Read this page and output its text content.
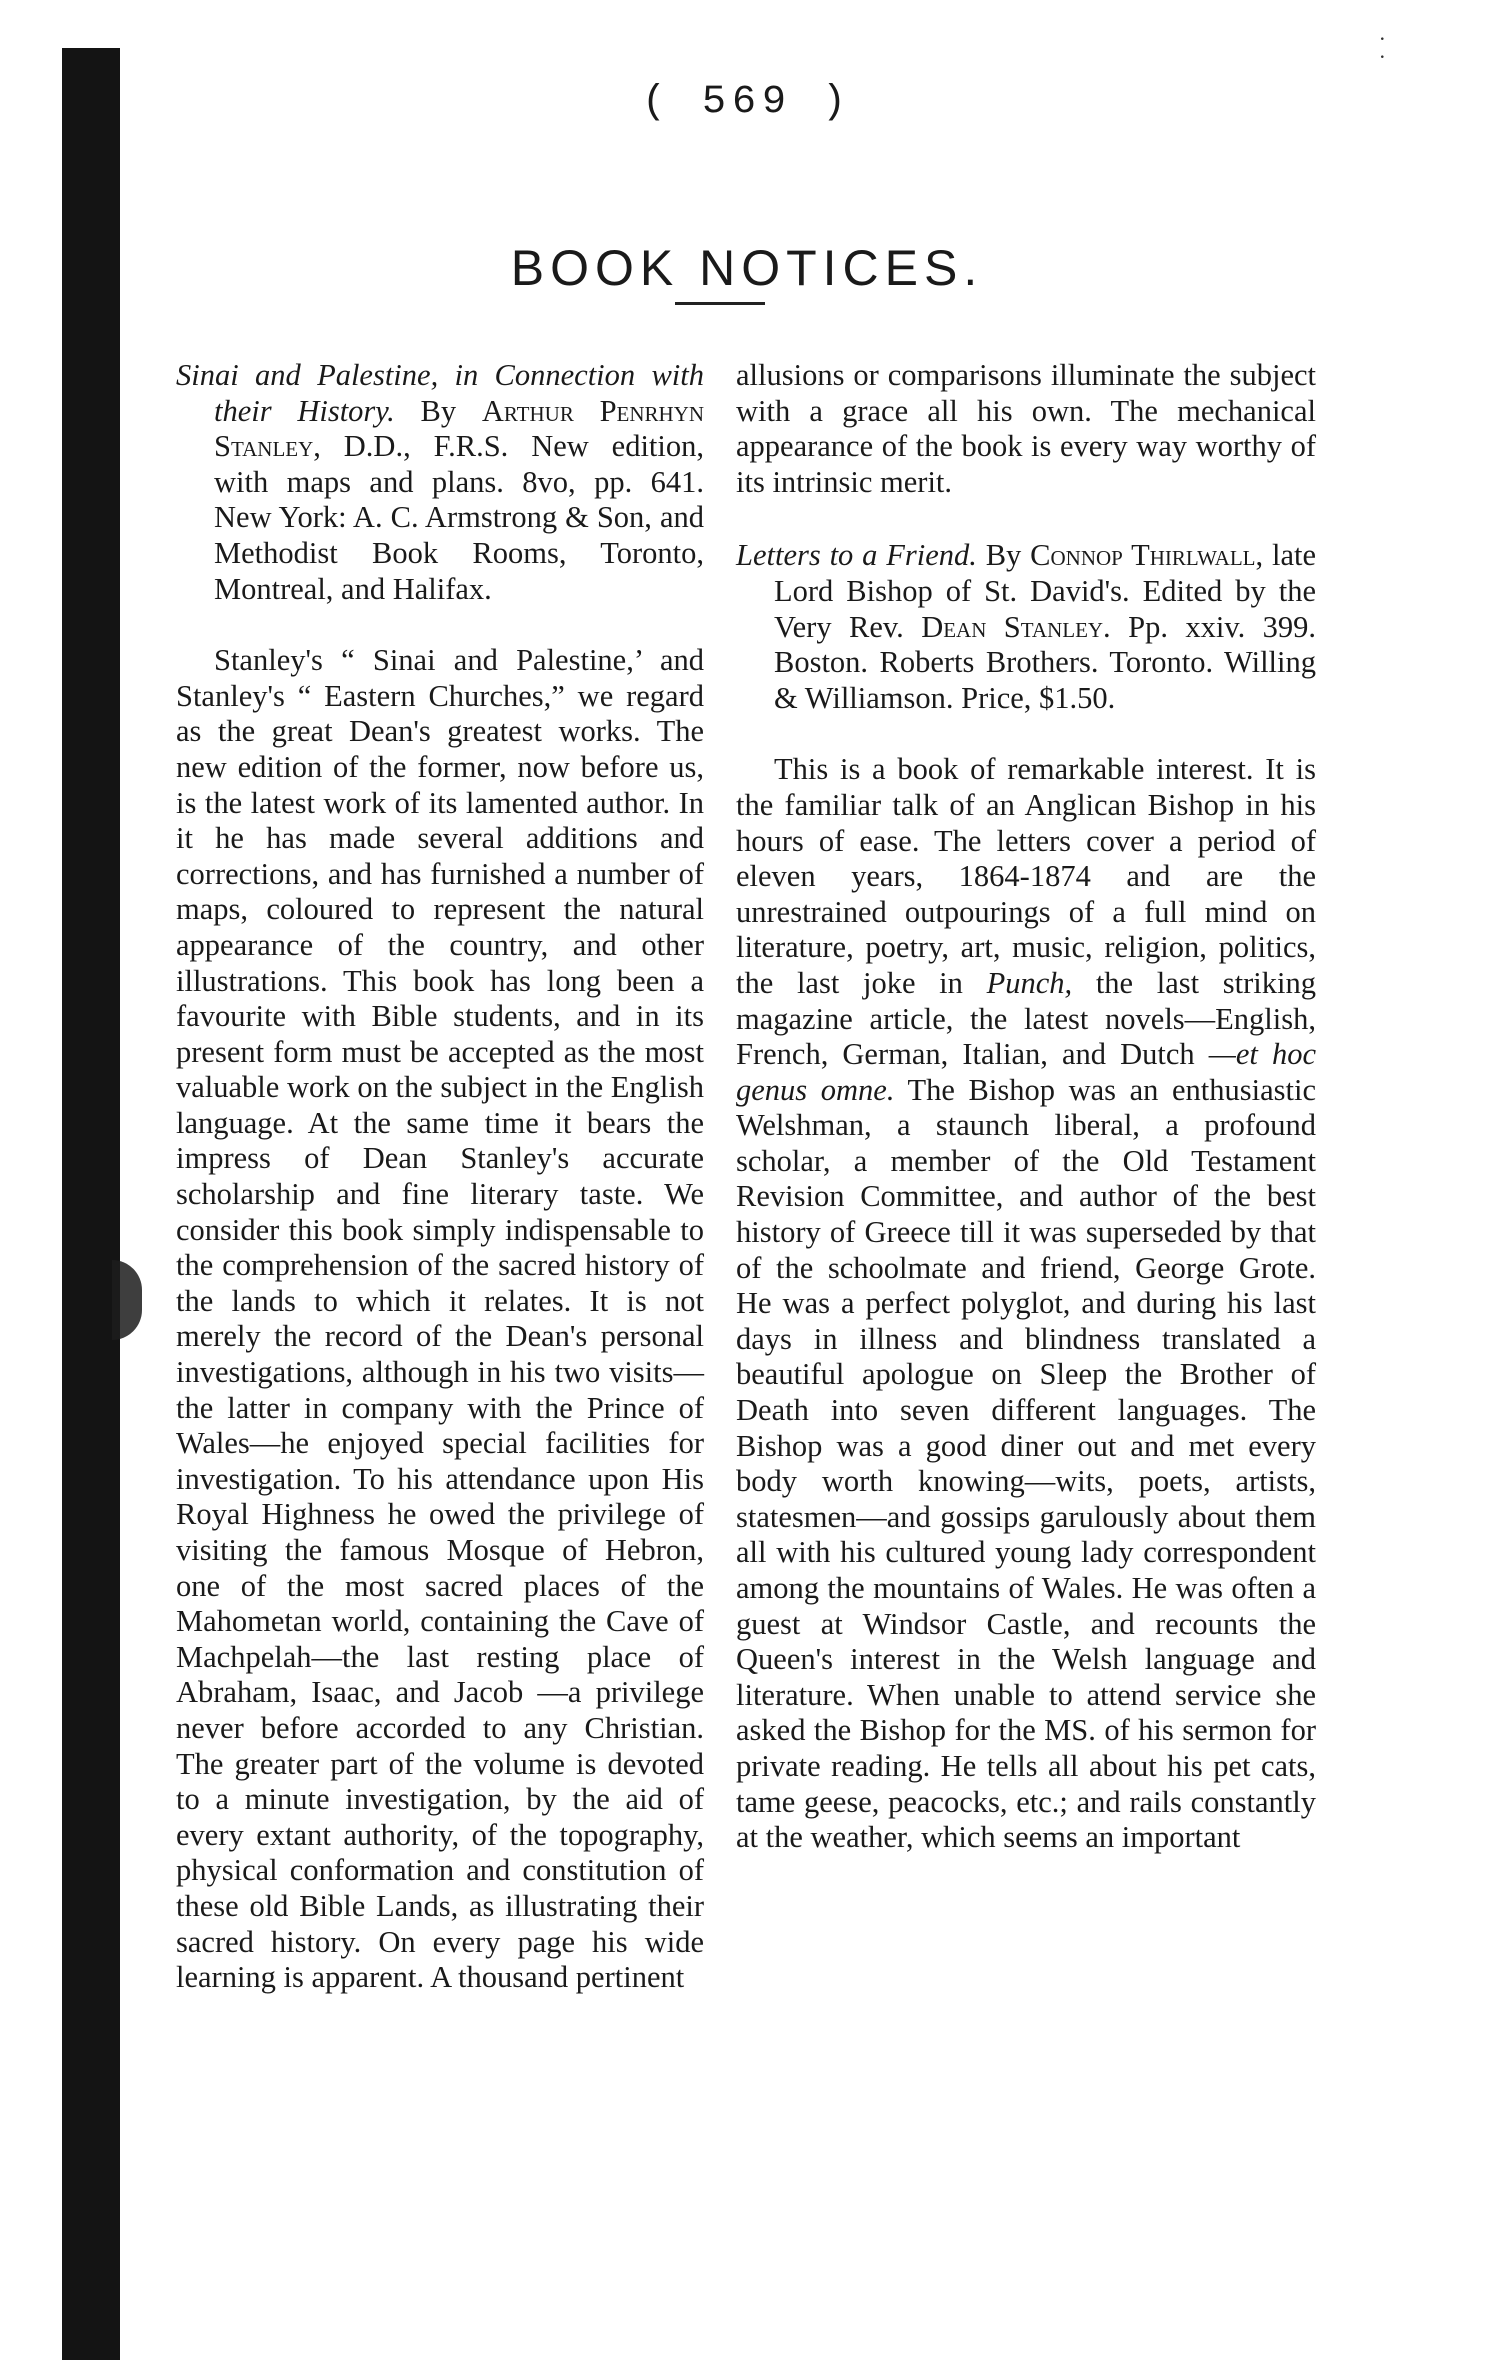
·
·
( 569 )
BOOK NOTICES.

Sinai and Palestine, in Connection with their History. By Arthur Penrhyn Stanley, D.D., F.R.S. New edition, with maps and plans. 8vo, pp. 641. New York: A. C. Armstrong & Son, and Methodist Book Rooms, Toronto, Montreal, and Halifax.

Stanley's “ Sinai and Palestine,’ and Stanley's “ Eastern Churches,” we regard as the great Dean's greatest works. The new edition of the former, now before us, is the latest work of its lamented author. In it he has made several additions and corrections, and has furnished a number of maps, coloured to represent the natural appearance of the country, and other illustrations. This book has long been a favourite with Bible students, and in its present form must be accepted as the most valuable work on the subject in the English language. At the same time it bears the impress of Dean Stanley's accurate scholarship and fine literary taste. We consider this book simply indispensable to the comprehension of the sacred history of the lands to which it relates. It is not merely the record of the Dean's personal investigations, although in his two visits—the latter in company with the Prince of Wales—he enjoyed special facilities for investigation. To his attendance upon His Royal Highness he owed the privilege of visiting the famous Mosque of Hebron, one of the most sacred places of the Mahometan world, containing the Cave of Machpelah—the last resting place of Abraham, Isaac, and Jacob —a privilege never before accorded to any Christian. The greater part of the volume is devoted to a minute investigation, by the aid of every extant authority, of the topography, physical conformation and constitution of these old Bible Lands, as illustrating their sacred history. On every page his wide learning is apparent. A thousand pertinent

allusions or comparisons illuminate the subject with a grace all his own. The mechanical appearance of the book is every way worthy of its intrinsic merit.

Letters to a Friend. By Connop Thirlwall, late Lord Bishop of St. David's. Edited by the Very Rev. Dean Stanley. Pp. xxiv. 399. Boston. Roberts Brothers. Toronto. Willing & Williamson. Price, $1.50.

This is a book of remarkable interest. It is the familiar talk of an Anglican Bishop in his hours of ease. The letters cover a period of eleven years, 1864-1874 and are the unrestrained outpourings of a full mind on literature, poetry, art, music, religion, politics, the last joke in Punch, the last striking magazine article, the latest novels—English, French, German, Italian, and Dutch —et hoc genus omne. The Bishop was an enthusiastic Welshman, a staunch liberal, a profound scholar, a member of the Old Testament Revision Committee, and author of the best history of Greece till it was superseded by that of the schoolmate and friend, George Grote. He was a perfect polyglot, and during his last days in illness and blindness translated a beautiful apologue on Sleep the Brother of Death into seven different languages. The Bishop was a good diner out and met every body worth knowing—wits, poets, artists, statesmen—and gossips garulously about them all with his cultured young lady correspondent among the mountains of Wales. He was often a guest at Windsor Castle, and recounts the Queen's interest in the Welsh language and literature. When unable to attend service she asked the Bishop for the MS. of his sermon for private reading. He tells all about his pet cats, tame geese, peacocks, etc.; and rails constantly at the weather, which seems an important
